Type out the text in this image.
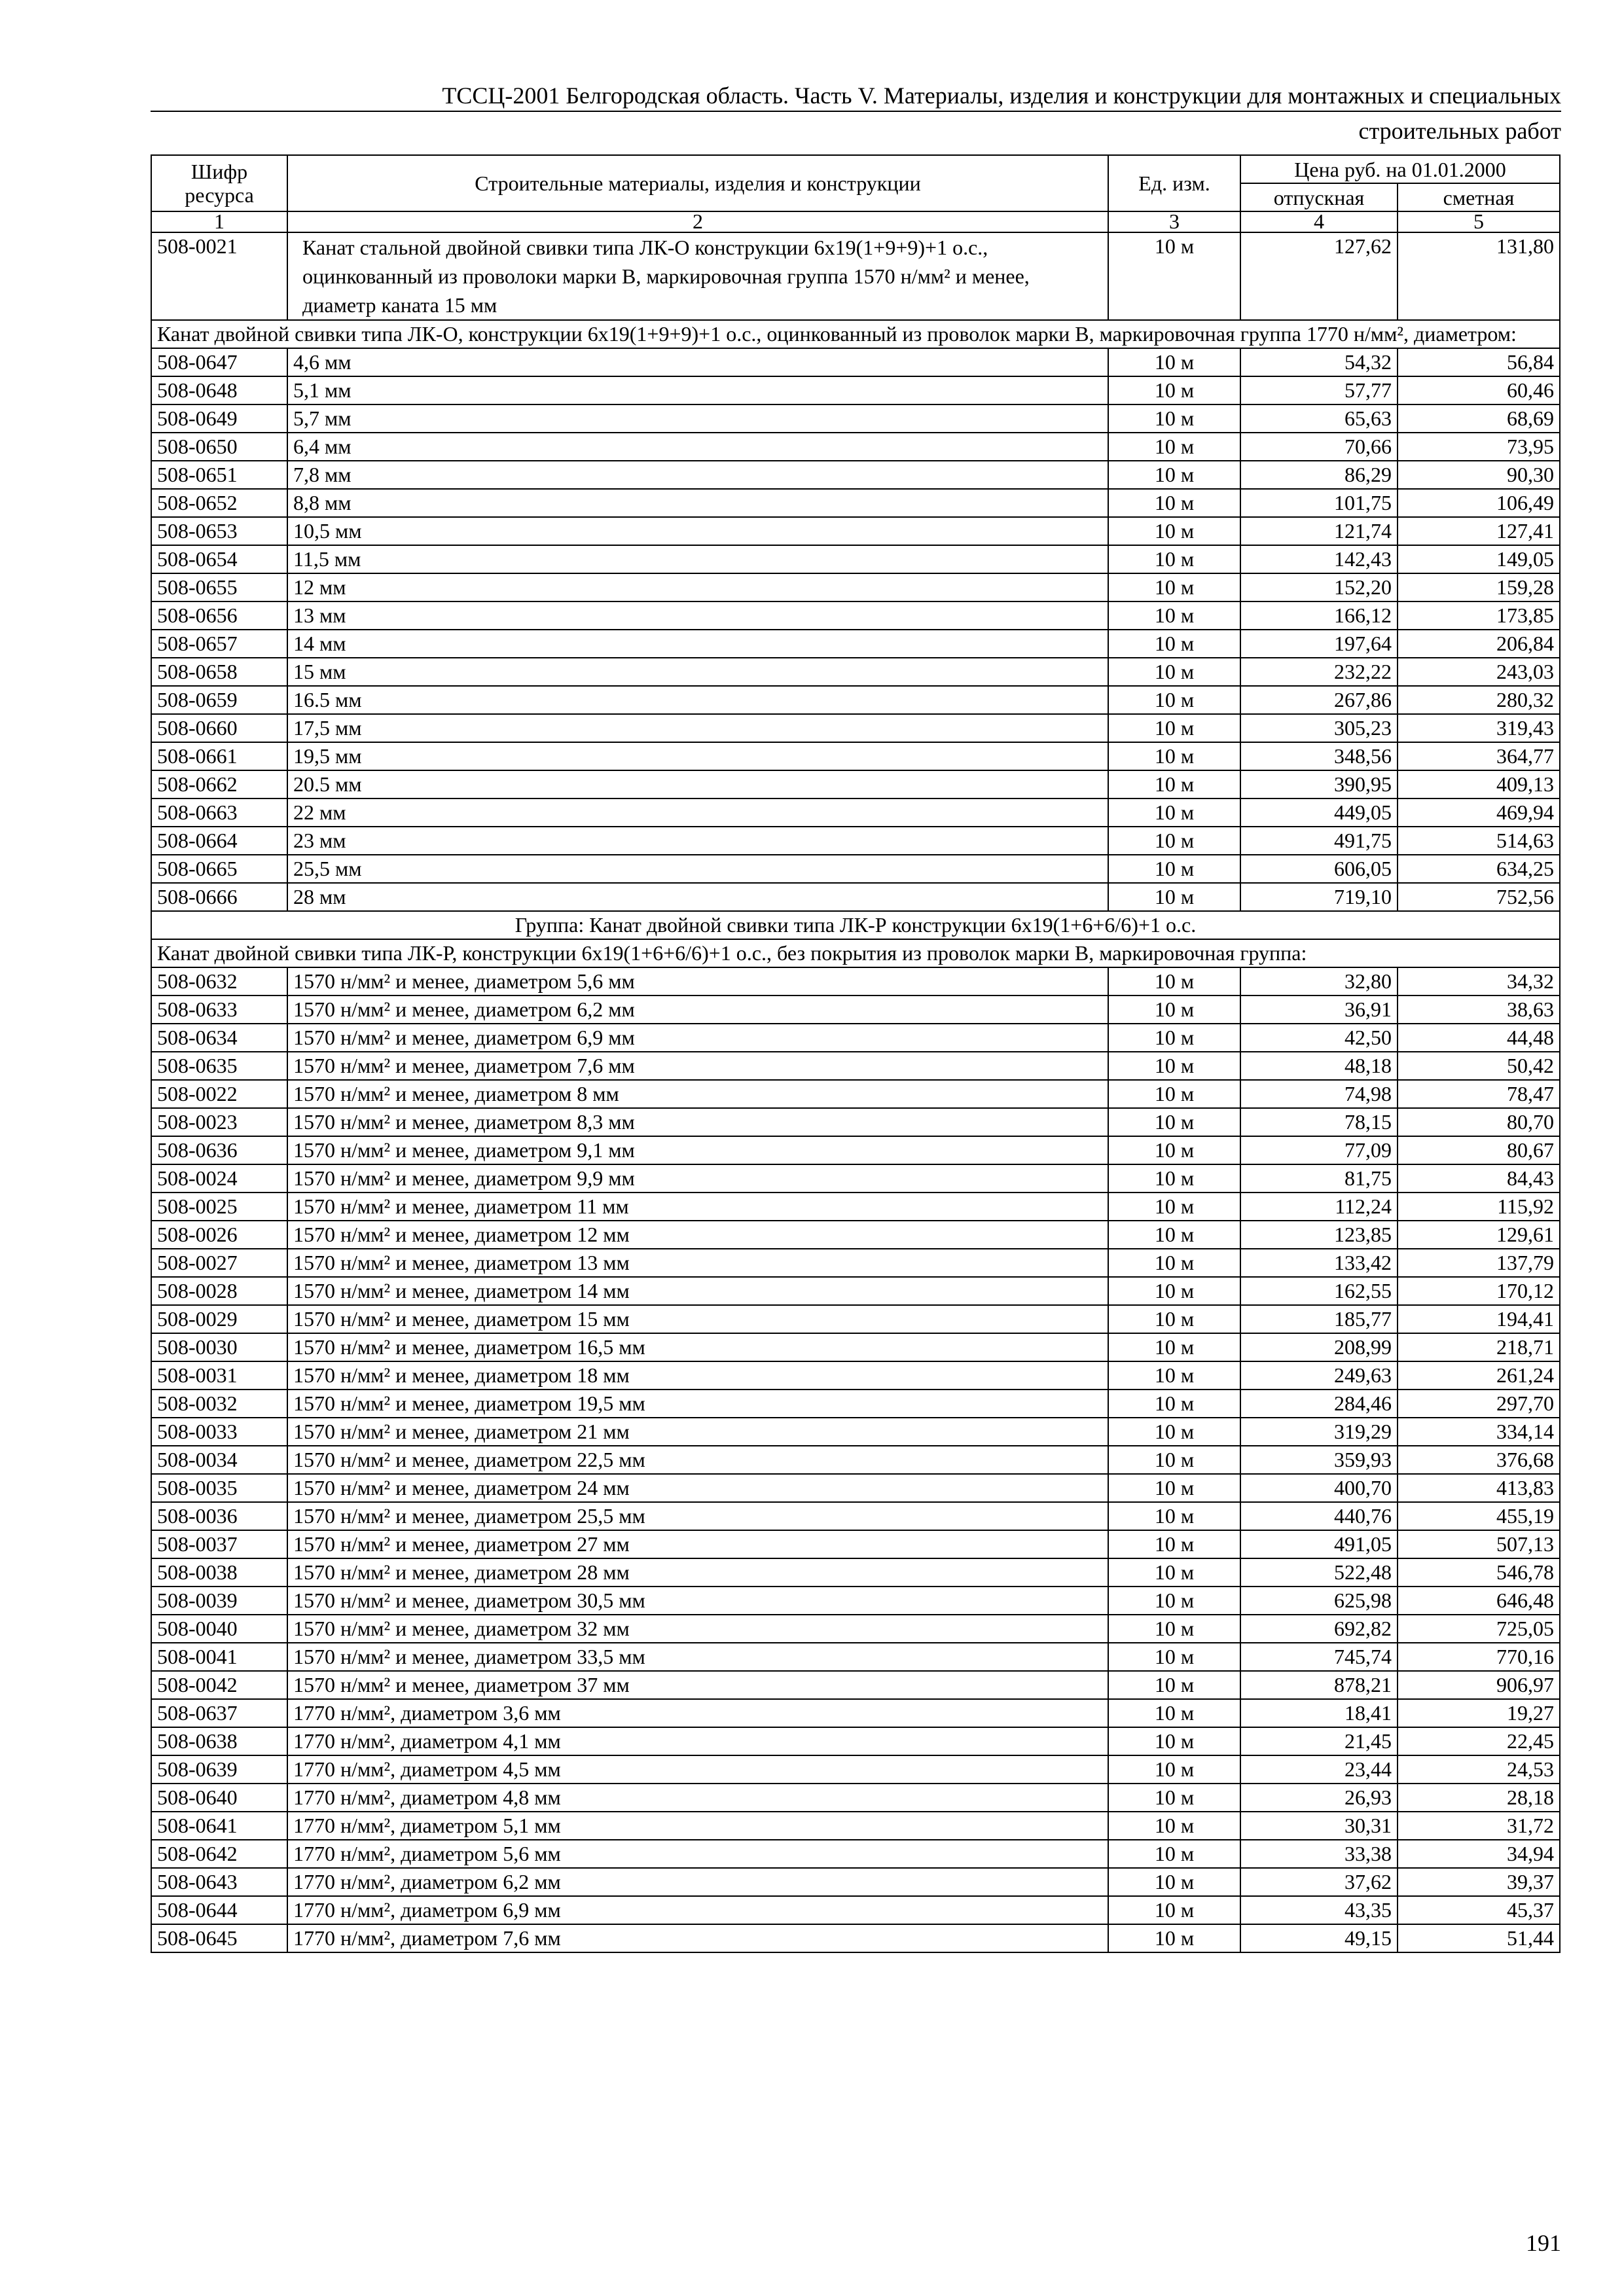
ТССЦ-2001 Белгородская область. Часть V. Материалы, изделия и конструкции для монтажных и специальных
строительных работ
Шифр ресурса	Строительные материалы, изделия и конструкции	Ед. изм.	Цена руб. на 01.01.2000	
			отпускная	сметная
1	2	3	4	5
508-0021	Канат стальной двойной свивки типа ЛК-О конструкции 6х19(1+9+9)+1 о.с., оцинкованный из проволоки марки В, маркировочная группа 1570 н/мм² и менее, диаметр каната 15 мм	10 м	127,62	131,80
Канат двойной свивки типа ЛК-О, конструкции 6х19(1+9+9)+1 о.с., оцинкованный из проволок марки В, маркировочная группа 1770 н/мм², диаметром:				
508-0647	4,6 мм	10 м	54,32	56,84
508-0648	5,1 мм	10 м	57,77	60,46
508-0649	5,7 мм	10 м	65,63	68,69
508-0650	6,4 мм	10 м	70,66	73,95
508-0651	7,8 мм	10 м	86,29	90,30
508-0652	8,8 мм	10 м	101,75	106,49
508-0653	10,5 мм	10 м	121,74	127,41
508-0654	11,5 мм	10 м	142,43	149,05
508-0655	12 мм	10 м	152,20	159,28
508-0656	13 мм	10 м	166,12	173,85
508-0657	14 мм	10 м	197,64	206,84
508-0658	15 мм	10 м	232,22	243,03
508-0659	16.5 мм	10 м	267,86	280,32
508-0660	17,5 мм	10 м	305,23	319,43
508-0661	19,5 мм	10 м	348,56	364,77
508-0662	20.5 мм	10 м	390,95	409,13
508-0663	22 мм	10 м	449,05	469,94
508-0664	23 мм	10 м	491,75	514,63
508-0665	25,5 мм	10 м	606,05	634,25
508-0666	28 мм	10 м	719,10	752,56
Группа: Канат двойной свивки типа ЛК-Р конструкции 6х19(1+6+6/6)+1 о.с.				
Канат двойной свивки типа ЛК-Р, конструкции 6х19(1+6+6/6)+1 о.с., без покрытия из проволок марки В, маркировочная группа:				
508-0632	1570 н/мм² и менее, диаметром 5,6 мм	10 м	32,80	34,32
508-0633	1570 н/мм² и менее, диаметром 6,2 мм	10 м	36,91	38,63
508-0634	1570 н/мм² и менее, диаметром 6,9 мм	10 м	42,50	44,48
508-0635	1570 н/мм² и менее, диаметром 7,6 мм	10 м	48,18	50,42
508-0022	1570 н/мм² и менее, диаметром 8 мм	10 м	74,98	78,47
508-0023	1570 н/мм² и менее, диаметром 8,3 мм	10 м	78,15	80,70
508-0636	1570 н/мм² и менее, диаметром 9,1 мм	10 м	77,09	80,67
508-0024	1570 н/мм² и менее, диаметром 9,9 мм	10 м	81,75	84,43
508-0025	1570 н/мм² и менее, диаметром 11 мм	10 м	112,24	115,92
508-0026	1570 н/мм² и менее, диаметром 12 мм	10 м	123,85	129,61
508-0027	1570 н/мм² и менее, диаметром 13 мм	10 м	133,42	137,79
508-0028	1570 н/мм² и менее, диаметром 14 мм	10 м	162,55	170,12
508-0029	1570 н/мм² и менее, диаметром 15 мм	10 м	185,77	194,41
508-0030	1570 н/мм² и менее, диаметром 16,5 мм	10 м	208,99	218,71
508-0031	1570 н/мм² и менее, диаметром 18 мм	10 м	249,63	261,24
508-0032	1570 н/мм² и менее, диаметром 19,5 мм	10 м	284,46	297,70
508-0033	1570 н/мм² и менее, диаметром 21 мм	10 м	319,29	334,14
508-0034	1570 н/мм² и менее, диаметром 22,5 мм	10 м	359,93	376,68
508-0035	1570 н/мм² и менее, диаметром 24 мм	10 м	400,70	413,83
508-0036	1570 н/мм² и менее, диаметром 25,5 мм	10 м	440,76	455,19
508-0037	1570 н/мм² и менее, диаметром 27 мм	10 м	491,05	507,13
508-0038	1570 н/мм² и менее, диаметром 28 мм	10 м	522,48	546,78
508-0039	1570 н/мм² и менее, диаметром 30,5 мм	10 м	625,98	646,48
508-0040	1570 н/мм² и менее, диаметром 32 мм	10 м	692,82	725,05
508-0041	1570 н/мм² и менее, диаметром 33,5 мм	10 м	745,74	770,16
508-0042	1570 н/мм² и менее, диаметром 37 мм	10 м	878,21	906,97
508-0637	1770 н/мм², диаметром 3,6 мм	10 м	18,41	19,27
508-0638	1770 н/мм², диаметром 4,1 мм	10 м	21,45	22,45
508-0639	1770 н/мм², диаметром 4,5 мм	10 м	23,44	24,53
508-0640	1770 н/мм², диаметром 4,8 мм	10 м	26,93	28,18
508-0641	1770 н/мм², диаметром 5,1 мм	10 м	30,31	31,72
508-0642	1770 н/мм², диаметром 5,6 мм	10 м	33,38	34,94
508-0643	1770 н/мм², диаметром 6,2 мм	10 м	37,62	39,37
508-0644	1770 н/мм², диаметром 6,9 мм	10 м	43,35	45,37
508-0645	1770 н/мм², диаметром 7,6 мм	10 м	49,15	51,44
191
